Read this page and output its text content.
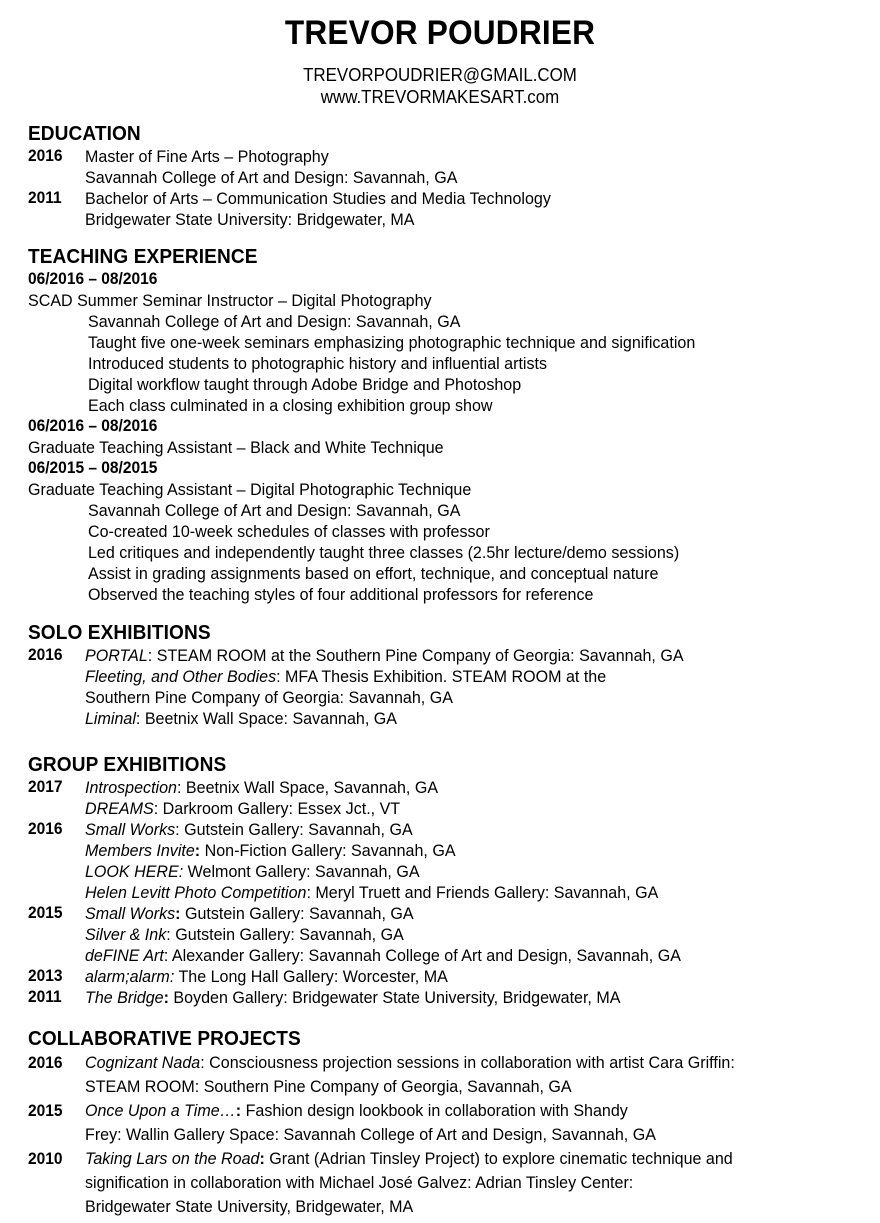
TREVOR POUDRIER
TREVORPOUDRIER@GMAIL.COM
www.TREVORMAKESART.com
EDUCATION
2016	Master of Fine Arts – Photography
Savannah College of Art and Design: Savannah, GA
2011	Bachelor of Arts – Communication Studies and Media Technology
Bridgewater State University: Bridgewater, MA
TEACHING EXPERIENCE
06/2016 – 08/2016
SCAD Summer Seminar Instructor – Digital Photography
Savannah College of Art and Design: Savannah, GA
Taught five one-week seminars emphasizing photographic technique and signification
Introduced students to photographic history and influential artists
Digital workflow taught through Adobe Bridge and Photoshop
Each class culminated in a closing exhibition group show
06/2016 – 08/2016
Graduate Teaching Assistant – Black and White Technique
06/2015 – 08/2015
Graduate Teaching Assistant – Digital Photographic Technique
Savannah College of Art and Design: Savannah, GA
Co-created 10-week schedules of classes with professor
Led critiques and independently taught three classes (2.5hr lecture/demo sessions)
Assist in grading assignments based on effort, technique, and conceptual nature
Observed the teaching styles of four additional professors for reference
SOLO EXHIBITIONS
2016	PORTAL: STEAM ROOM at the Southern Pine Company of Georgia: Savannah, GA
Fleeting, and Other Bodies: MFA Thesis Exhibition. STEAM ROOM at the
Southern Pine Company of Georgia: Savannah, GA
Liminal: Beetnix Wall Space: Savannah, GA
GROUP EXHIBITIONS
2017	Introspection: Beetnix Wall Space, Savannah, GA
DREAMS: Darkroom Gallery: Essex Jct., VT
2016	Small Works: Gutstein Gallery: Savannah, GA
Members Invite: Non-Fiction Gallery: Savannah, GA
LOOK HERE: Welmont Gallery: Savannah, GA
Helen Levitt Photo Competition: Meryl Truett and Friends Gallery: Savannah, GA
2015	Small Works: Gutstein Gallery: Savannah, GA
Silver & Ink: Gutstein Gallery: Savannah, GA
deFINE Art: Alexander Gallery: Savannah College of Art and Design, Savannah, GA
2013	alarm;alarm: The Long Hall Gallery: Worcester, MA
2011	The Bridge: Boyden Gallery: Bridgewater State University, Bridgewater, MA
COLLABORATIVE PROJECTS
2016	Cognizant Nada: Consciousness projection sessions in collaboration with artist Cara Griffin:
STEAM ROOM: Southern Pine Company of Georgia, Savannah, GA
2015	Once Upon a Time…: Fashion design lookbook in collaboration with Shandy
Frey: Wallin Gallery Space: Savannah College of Art and Design, Savannah, GA
2010	Taking Lars on the Road: Grant (Adrian Tinsley Project) to explore cinematic technique and
signification in collaboration with Michael José Galvez: Adrian Tinsley Center:
Bridgewater State University, Bridgewater, MA
